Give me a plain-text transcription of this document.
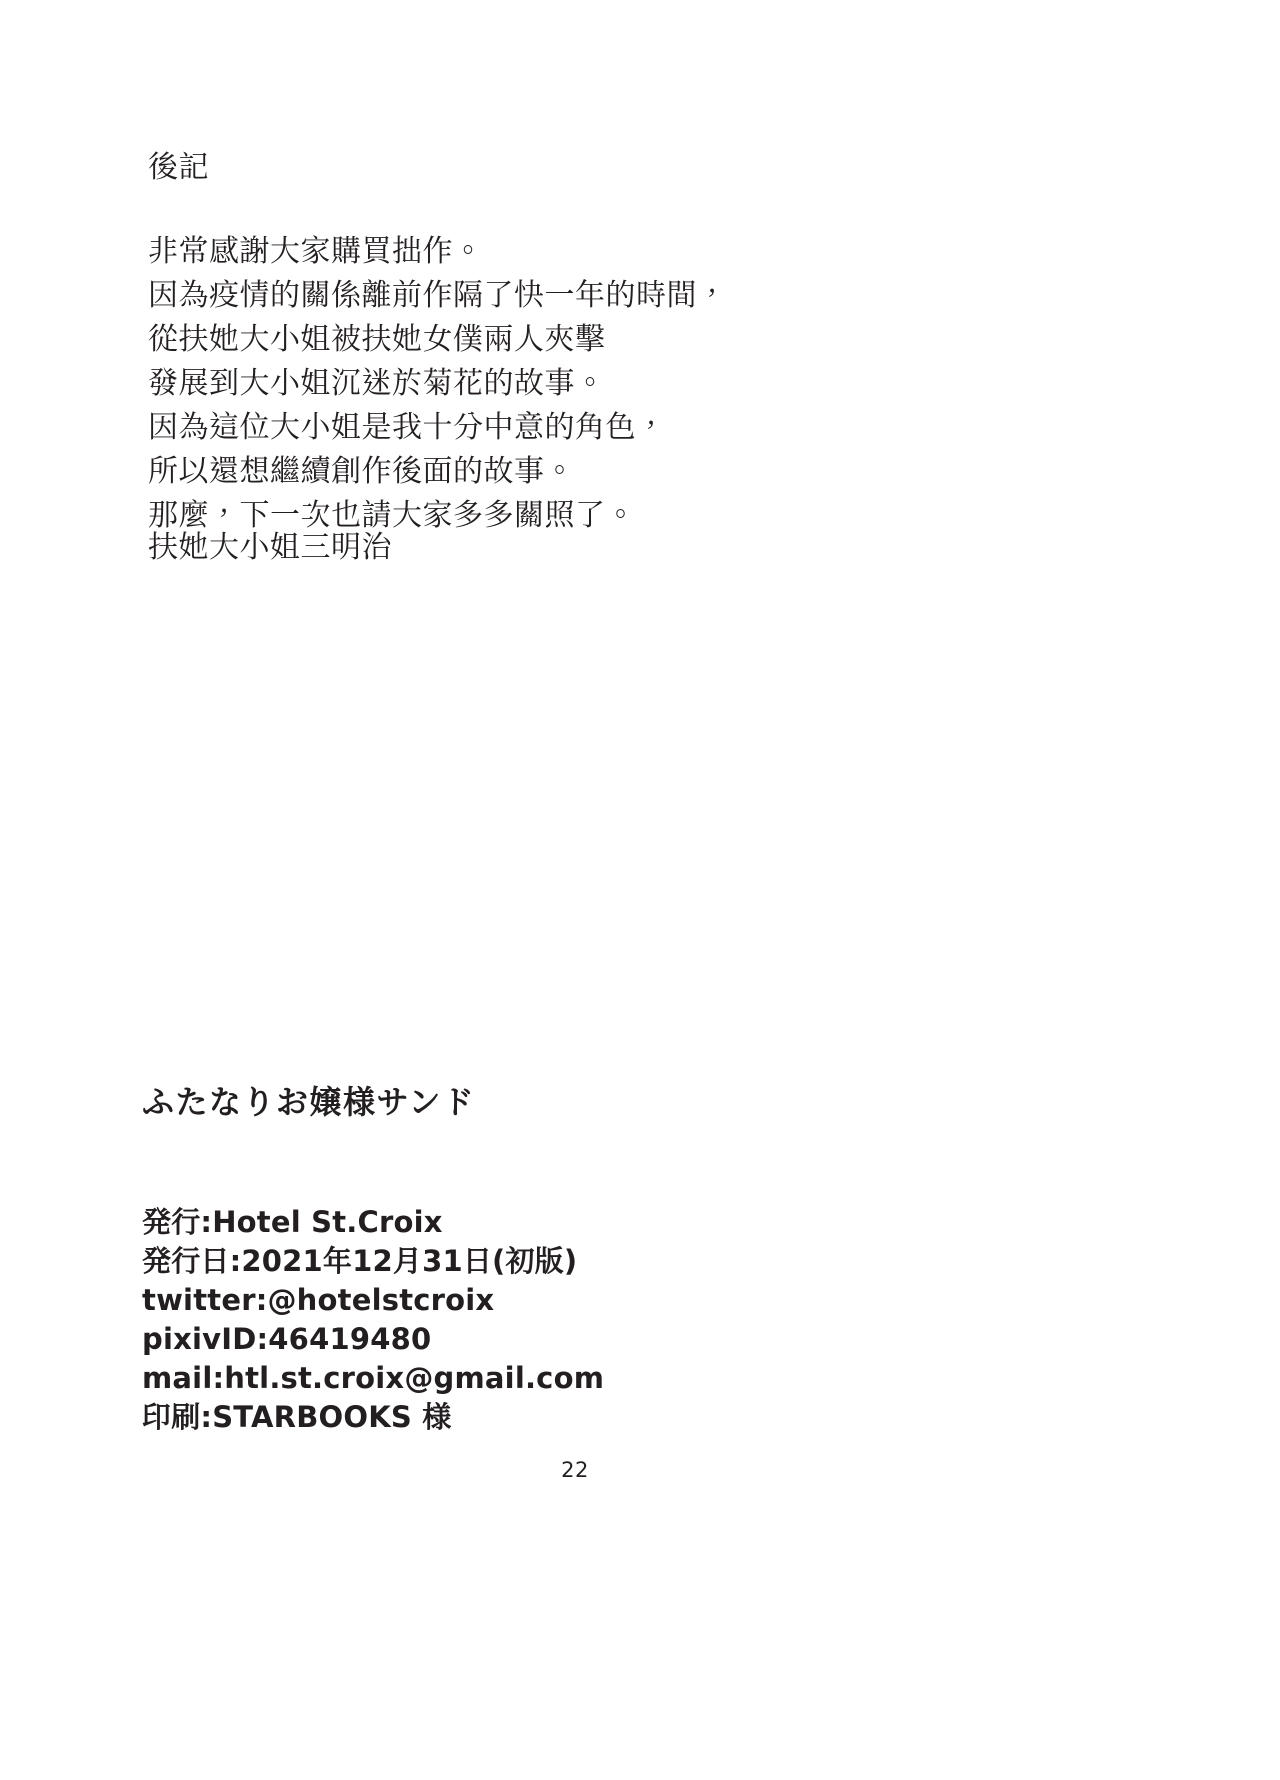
後記
非常感謝大家購買拙作。
因為疫情的關係離前作隔了快一年的時間，
從扶她大小姐被扶她女僕兩人夾擊
發展到大小姐沉迷於菊花的故事。
因為這位大小姐是我十分中意的角色，
所以還想繼續創作後面的故事。
那麼，下一次也請大家多多關照了。
扶她大小姐三明治
ふたなりお嬢様サンド
発行:Hotel St.Croix
発行日:2021年12月31日(初版)
twitter:@hotelstcroix
pixivID:46419480
mail:htl.st.croix@gmail.com
印刷:STARBOOKS 様
22
